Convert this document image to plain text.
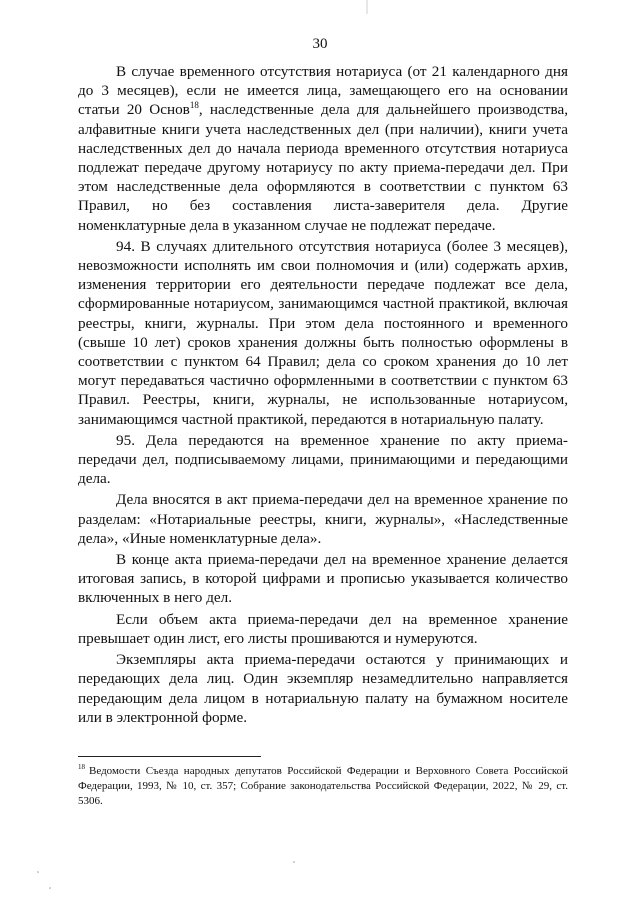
30

В случае временного отсутствия нотариуса (от 21 календарного дня до 3 месяцев), если не имеется лица, замещающего его на основании статьи 20 Основ$^{18}$, наследственные дела для дальнейшего производства, алфавитные книги учета наследственных дел (при наличии), книги учета наследственных дел до начала периода временного отсутствия нотариуса подлежат передаче другому нотариусу по акту приема-передачи дел. При этом наследственные дела оформляются в соответствии с пунктом 63 Правил, но без составления листа-заверителя дела. Другие номенклатурные дела в указанном случае не подлежат передаче.

94. В случаях длительного отсутствия нотариуса (более 3 месяцев), невозможности исполнять им свои полномочия и (или) содержать архив, изменения территории его деятельности передаче подлежат все дела, сформированные нотариусом, занимающимся частной практикой, включая реестры, книги, журналы. При этом дела постоянного и временного (свыше 10 лет) сроков хранения должны быть полностью оформлены в соответствии с пунктом 64 Правил; дела со сроком хранения до 10 лет могут передаваться частично оформленными в соответствии с пунктом 63 Правил. Реестры, книги, журналы, не использованные нотариусом, занимающимся частной практикой, передаются в нотариальную палату.

95. Дела передаются на временное хранение по акту приема-передачи дел, подписываемому лицами, принимающими и передающими дела.

Дела вносятся в акт приема-передачи дел на временное хранение по разделам: «Нотариальные реестры, книги, журналы», «Наследственные дела», «Иные номенклатурные дела».

В конце акта приема-передачи дел на временное хранение делается итоговая запись, в которой цифрами и прописью указывается количество включенных в него дел.

Если объем акта приема-передачи дел на временное хранение превышает один лист, его листы прошиваются и нумеруются.

Экземпляры акта приема-передачи остаются у принимающих и передающих дела лиц. Один экземпляр незамедлительно направляется передающим дела лицом в нотариальную палату на бумажном носителе или в электронной форме.

$^{18}$ Ведомости Съезда народных депутатов Российской Федерации и Верховного Совета Российской Федерации, 1993, № 10, ст. 357; Собрание законодательства Российской Федерации, 2022, № 29, ст. 5306.
